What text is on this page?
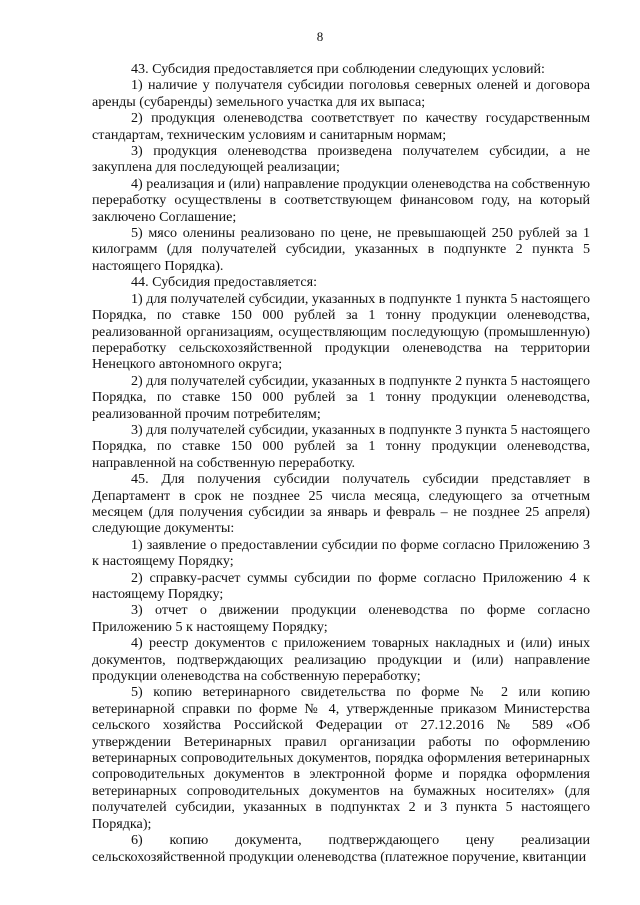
8

43. Субсидия предоставляется при соблюдении следующих условий:

1) наличие у получателя субсидии поголовья северных оленей и договора аренды (субаренды) земельного участка для их выпаса;

2) продукция оленеводства соответствует по качеству государственным стандартам, техническим условиям и санитарным нормам;

3) продукция оленеводства произведена получателем субсидии, а не закуплена для последующей реализации;

4) реализация и (или) направление продукции оленеводства на собственную переработку осуществлены в соответствующем финансовом году, на который заключено Соглашение;

5) мясо оленины реализовано по цене, не превышающей 250 рублей за 1 килограмм (для получателей субсидии, указанных в подпункте 2 пункта 5 настоящего Порядка).

44. Субсидия предоставляется:

1) для получателей субсидии, указанных в подпункте 1 пункта 5 настоящего Порядка, по ставке 150 000 рублей за 1 тонну продукции оленеводства, реализованной организациям, осуществляющим последующую (промышленную) переработку сельскохозяйственной продукции оленеводства на территории Ненецкого автономного округа;

2) для получателей субсидии, указанных в подпункте 2 пункта 5 настоящего Порядка, по ставке 150 000 рублей за 1 тонну продукции оленеводства, реализованной прочим потребителям;

3) для получателей субсидии, указанных в подпункте 3 пункта 5 настоящего Порядка, по ставке 150 000 рублей за 1 тонну продукции оленеводства, направленной на собственную переработку.

45. Для получения субсидии получатель субсидии представляет в Департамент в срок не позднее 25 числа месяца, следующего за отчетным месяцем (для получения субсидии за январь и февраль – не позднее 25 апреля) следующие документы:

1) заявление о предоставлении субсидии по форме согласно Приложению 3 к настоящему Порядку;

2) справку-расчет суммы субсидии по форме согласно Приложению 4 к настоящему Порядку;

3) отчет о движении продукции оленеводства по форме согласно Приложению 5 к настоящему Порядку;

4) реестр документов с приложением товарных накладных и (или) иных документов, подтверждающих реализацию продукции и (или) направление продукции оленеводства на собственную переработку;

5) копию ветеринарного свидетельства по форме № 2 или копию ветеринарной справки по форме № 4, утвержденные приказом Министерства сельского хозяйства Российской Федерации от 27.12.2016 № 589 «Об утверждении Ветеринарных правил организации работы по оформлению ветеринарных сопроводительных документов, порядка оформления ветеринарных сопроводительных документов в электронной форме и порядка оформления ветеринарных сопроводительных документов на бумажных носителях» (для получателей субсидии, указанных в подпунктах 2 и 3 пункта 5 настоящего Порядка);

6) копию документа, подтверждающего цену реализации сельскохозяйственной продукции оленеводства (платежное поручение, квитанции
